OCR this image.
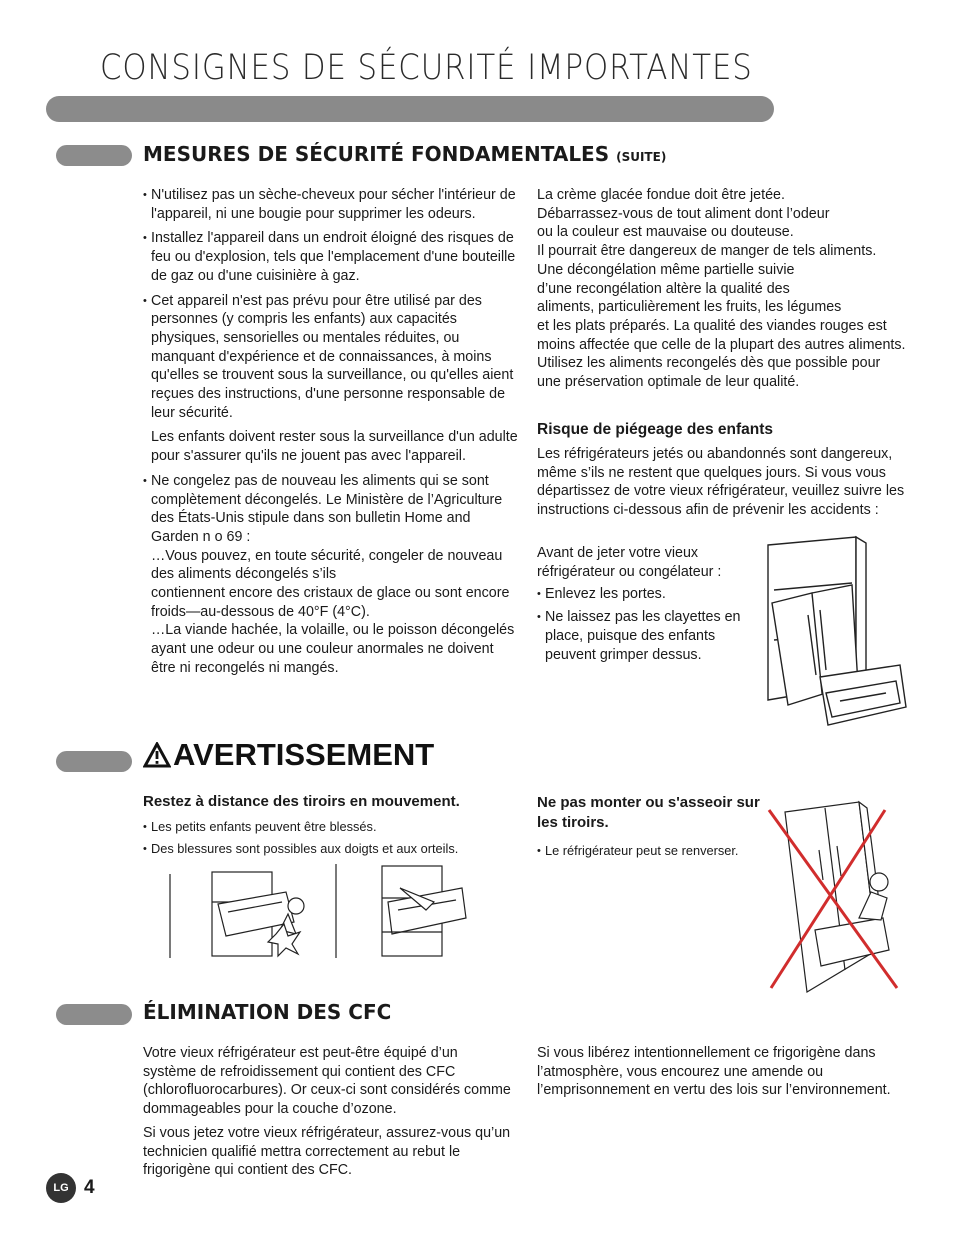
CONSIGNES DE SÉCURITÉ IMPORTANTES
MESURES DE SÉCURITÉ FONDAMENTALES (SUITE)

• N'utilisez pas un sèche-cheveux pour sécher l'intérieur de l'appareil, ni une bougie pour supprimer les odeurs.

• Installez l'appareil dans un endroit éloigné des risques de feu ou d'explosion, tels que l'emplacement d'une bouteille de gaz ou d'une cuisinière à gaz.

• Cet appareil n'est pas prévu pour être utilisé par des personnes (y compris les enfants) aux capacités physiques, sensorielles ou mentales réduites, ou manquant d'expérience et de connaissances, à moins qu'elles se trouvent sous la surveillance, ou qu'elles aient reçues des instructions, d'une personne responsable de leur sécurité.

Les enfants doivent rester sous la surveillance d'un adulte pour s'assurer qu'ils ne jouent pas avec l'appareil.

• Ne congelez pas de nouveau les aliments qui se sont complètement décongelés. Le Ministère de l’Agriculture des États-Unis stipule dans son bulletin Home and Garden n o 69 :

…Vous pouvez, en toute sécurité, congeler de nouveau des aliments décongelés s’ils

contiennent encore des cristaux de glace ou sont encore froids—au-dessous de 40°F (4°C).

…La viande hachée, la volaille, ou le poisson décongelés ayant une odeur ou une couleur anormales ne doivent être ni recongelés ni mangés.

La crème glacée fondue doit être jetée.

Débarrassez-vous de tout aliment dont l’odeur

ou la couleur est mauvaise ou douteuse.

Il pourrait être dangereux de manger de tels aliments.

Une décongélation même partielle suivie

d’une recongélation altère la qualité des

aliments, particulièrement les fruits, les légumes

et les plats préparés. La qualité des viandes rouges est moins affectée que celle de la plupart des autres aliments. Utilisez les aliments recongelés dès que possible pour une préservation optimale de leur qualité.

Risque de piégeage des enfants

Les réfrigérateurs jetés ou abandonnés sont dangereux, même s’ils ne restent que quelques jours. Si vous vous départissez de votre vieux réfrigérateur, veuillez suivre les instructions ci-dessous afin de prévenir les accidents :

Avant de jeter votre vieux réfrigérateur ou congélateur :

• Enlevez les portes.

• Ne laissez pas les clayettes en place, puisque des enfants peuvent grimper dessus.

AVERTISSEMENT

Restez à distance des tiroirs en mouvement.

• Les petits enfants peuvent être blessés.

• Des blessures sont possibles aux doigts et aux orteils.

Ne pas monter ou s'asseoir sur les tiroirs.

• Le réfrigérateur peut se renverser.

ÉLIMINATION DES CFC

Votre vieux réfrigérateur est peut-être équipé d’un système de refroidissement qui contient des CFC (chlorofluorocarbures). Or ceux-ci sont considérés comme dommageables pour la couche d’ozone.

Si vous jetez votre vieux réfrigérateur, assurez-vous qu’un technicien qualifié mettra correctement au rebut le frigorigène qui contient des CFC.

Si vous libérez intentionnellement ce frigorigène dans l’atmosphère, vous encourez une amende ou l’emprisonnement en vertu des lois sur l’environnement.

LG 4
